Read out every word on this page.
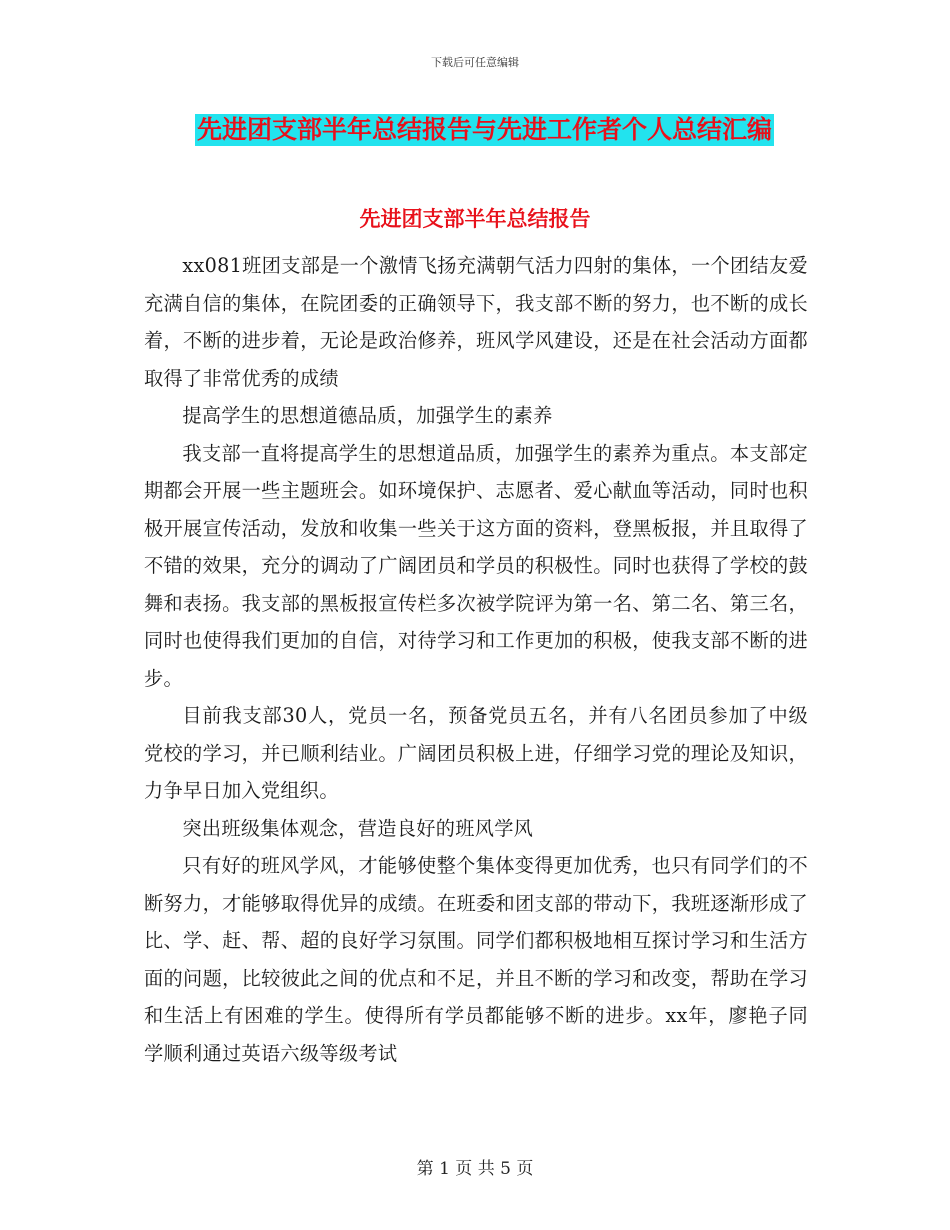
下载后可任意编辑
先进团支部半年总结报告与先进工作者个人总结汇编
先进团支部半年总结报告

xx081班团支部是一个激情飞扬充满朝气活力四射的集体，一个团结友爱充满自信的集体，在院团委的正确领导下，我支部不断的努力，也不断的成长着，不断的进步着，无论是政治修养，班风学风建设，还是在社会活动方面都取得了非常优秀的成绩

提高学生的思想道德品质，加强学生的素养

我支部一直将提高学生的思想道品质，加强学生的素养为重点。本支部定期都会开展一些主题班会。如环境保护、志愿者、爱心献血等活动，同时也积极开展宣传活动，发放和收集一些关于这方面的资料，登黑板报，并且取得了不错的效果，充分的调动了广阔团员和学员的积极性。同时也获得了学校的鼓舞和表扬。我支部的黑板报宣传栏多次被学院评为第一名、第二名、第三名，同时也使得我们更加的自信，对待学习和工作更加的积极，使我支部不断的进步。

目前我支部30人，党员一名，预备党员五名，并有八名团员参加了中级党校的学习，并已顺利结业。广阔团员积极上进，仔细学习党的理论及知识，力争早日加入党组织。

突出班级集体观念，营造良好的班风学风

只有好的班风学风，才能够使整个集体变得更加优秀，也只有同学们的不断努力，才能够取得优异的成绩。在班委和团支部的带动下，我班逐渐形成了比、学、赶、帮、超的良好学习氛围。同学们都积极地相互探讨学习和生活方面的问题，比较彼此之间的优点和不足，并且不断的学习和改变，帮助在学习和生活上有困难的学生。使得所有学员都能够不断的进步。xx年，廖艳子同学顺利通过英语六级等级考试

第 1 页 共 5 页
